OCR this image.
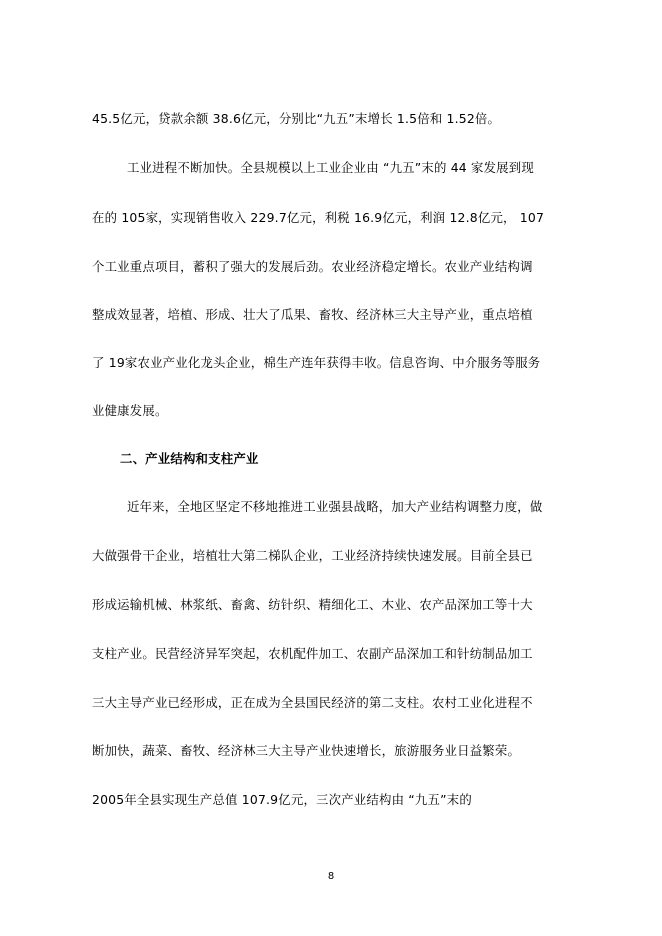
45.5亿元，贷款余额 38.6亿元，分别比“九五”末增长 1.5倍和 1.52倍。
工业进程不断加快。全县规模以上工业企业由 “九五”末的 44 家发展到现
在的 105家，实现销售收入 229.7亿元，利税 16.9亿元，利润 12.8亿元， 107
个工业重点项目，蓄积了强大的发展后劲。农业经济稳定增长。农业产业结构调
整成效显著，培植、形成、壮大了瓜果、畜牧、经济林三大主导产业，重点培植
了 19家农业产业化龙头企业，棉生产连年获得丰收。信息咨询、中介服务等服务
业健康发展。
二、产业结构和支柱产业
近年来，全地区坚定不移地推进工业强县战略，加大产业结构调整力度，做
大做强骨干企业，培植壮大第二梯队企业，工业经济持续快速发展。目前全县已
形成运输机械、林浆纸、畜禽、纺针织、精细化工、木业、农产品深加工等十大
支柱产业。民营经济异军突起，农机配件加工、农副产品深加工和针纺制品加工
三大主导产业已经形成，正在成为全县国民经济的第二支柱。农村工业化进程不
断加快，蔬菜、畜牧、经济林三大主导产业快速增长，旅游服务业日益繁荣。
2005年全县实现生产总值 107.9亿元，三次产业结构由 “九五”末的
8
